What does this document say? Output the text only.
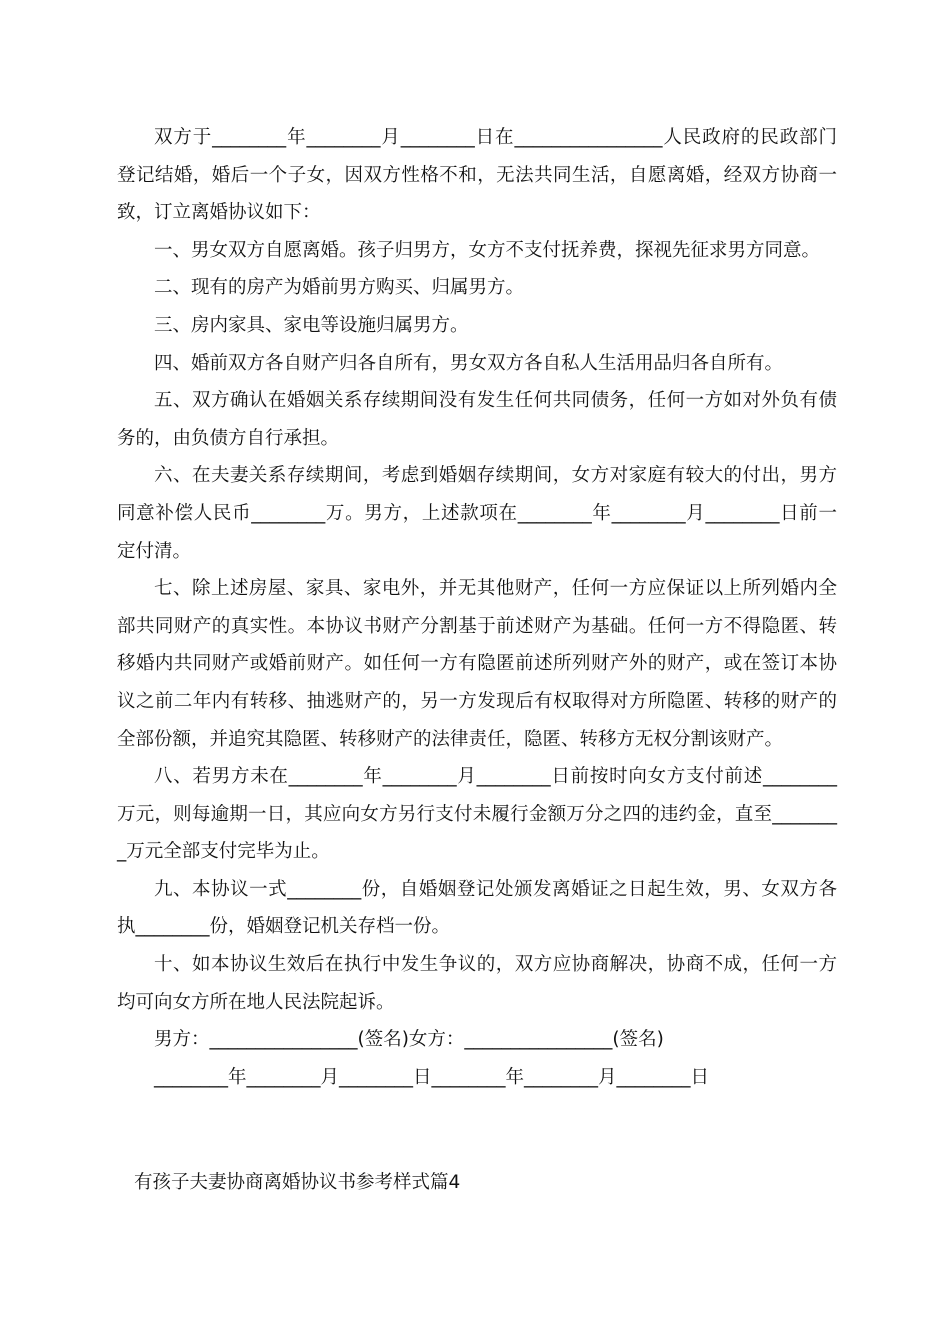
双方于________年________月________日在________________人民政府的民政部门登记结婚，婚后一个子女，因双方性格不和，无法共同生活，自愿离婚，经双方协商一致，订立离婚协议如下：

一、男女双方自愿离婚。孩子归男方，女方不支付抚养费，探视先征求男方同意。

二、现有的房产为婚前男方购买、归属男方。

三、房内家具、家电等设施归属男方。

四、婚前双方各自财产归各自所有，男女双方各自私人生活用品归各自所有。

五、双方确认在婚姻关系存续期间没有发生任何共同债务，任何一方如对外负有债务的，由负债方自行承担。

六、在夫妻关系存续期间，考虑到婚姻存续期间，女方对家庭有较大的付出，男方同意补偿人民币________万。男方，上述款项在________年________月________日前一定付清。

七、除上述房屋、家具、家电外，并无其他财产，任何一方应保证以上所列婚内全部共同财产的真实性。本协议书财产分割基于前述财产为基础。任何一方不得隐匿、转移婚内共同财产或婚前财产。如任何一方有隐匿前述所列财产外的财产，或在签订本协议之前二年内有转移、抽逃财产的，另一方发现后有权取得对方所隐匿、转移的财产的全部份额，并追究其隐匿、转移财产的法律责任，隐匿、转移方无权分割该财产。

八、若男方未在________年________月________日前按时向女方支付前述________万元，则每逾期一日，其应向女方另行支付未履行金额万分之四的违约金，直至________万元全部支付完毕为止。

九、本协议一式________份，自婚姻登记处颁发离婚证之日起生效，男、女双方各执________份，婚姻登记机关存档一份。

十、如本协议生效后在执行中发生争议的，双方应协商解决，协商不成，任何一方均可向女方所在地人民法院起诉。

男方：________________(签名)女方：________________(签名)

________年________月________日________年________月________日

有孩子夫妻协商离婚协议书参考样式篇4
